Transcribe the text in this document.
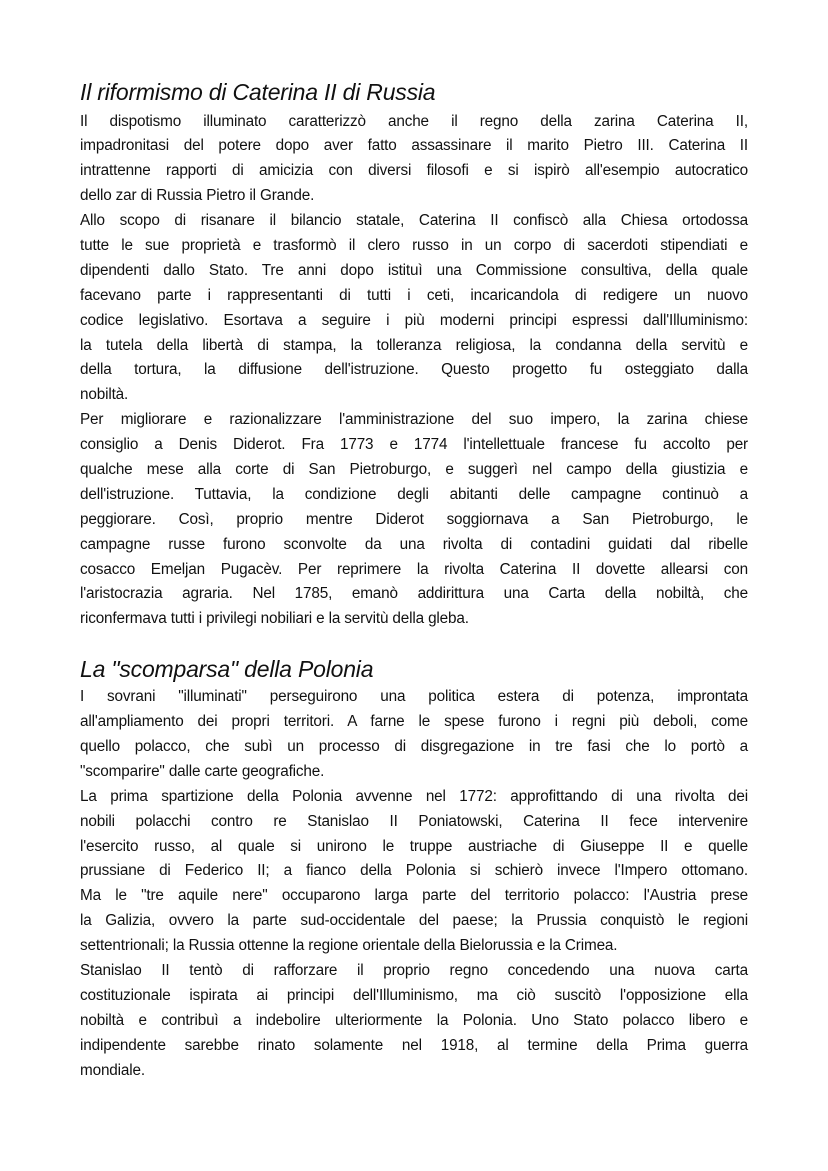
Il riformismo di Caterina II di Russia
Il dispotismo illuminato caratterizzò anche il regno della zarina Caterina II,
impadronitasi del potere dopo aver fatto assassinare il marito Pietro III. Caterina II
intrattenne rapporti di amicizia con diversi filosofi e si ispirò all'esempio autocratico
dello zar di Russia Pietro il Grande.
Allo scopo di risanare il bilancio statale, Caterina II confiscò alla Chiesa ortodossa
tutte le sue proprietà e trasformò il clero russo in un corpo di sacerdoti stipendiati e
dipendenti dallo Stato. Tre anni dopo istituì una Commissione consultiva, della quale
facevano parte i rappresentanti di tutti i ceti, incaricandola di redigere un nuovo
codice legislativo. Esortava a seguire i più moderni principi espressi dall'Illuminismo:
la tutela della libertà di stampa, la tolleranza religiosa, la condanna della servitù e
della tortura, la diffusione dell'istruzione. Questo progetto fu osteggiato dalla
nobiltà.
Per migliorare e razionalizzare l'amministrazione del suo impero, la zarina chiese
consiglio a Denis Diderot. Fra 1773 e 1774 l'intellettuale francese fu accolto per
qualche mese alla corte di San Pietroburgo, e suggerì nel campo della giustizia e
dell'istruzione. Tuttavia, la condizione degli abitanti delle campagne continuò a
peggiorare. Così, proprio mentre Diderot soggiornava a San Pietroburgo, le
campagne russe furono sconvolte da una rivolta di contadini guidati dal ribelle
cosacco Emeljan Pugacèv. Per reprimere la rivolta Caterina II dovette allearsi con
l'aristocrazia agraria. Nel 1785, emanò addirittura una Carta della nobiltà, che
riconfermava tutti i privilegi nobiliari e la servitù della gleba.
La "scomparsa" della Polonia
I sovrani "illuminati" perseguirono una politica estera di potenza, improntata
all'ampliamento dei propri territori. A farne le spese furono i regni più deboli, come
quello polacco, che subì un processo di disgregazione in tre fasi che lo portò a
"scomparire" dalle carte geografiche.
La prima spartizione della Polonia avvenne nel 1772: approfittando di una rivolta dei
nobili polacchi contro re Stanislao II Poniatowski, Caterina II fece intervenire
l'esercito russo, al quale si unirono le truppe austriache di Giuseppe II e quelle
prussiane di Federico II; a fianco della Polonia si schierò invece l'Impero ottomano.
Ma le "tre aquile nere" occuparono larga parte del territorio polacco: l'Austria prese
la Galizia, ovvero la parte sud-occidentale del paese; la Prussia conquistò le regioni
settentrionali; la Russia ottenne la regione orientale della Bielorussia e la Crimea.
Stanislao II tentò di rafforzare il proprio regno concedendo una nuova carta
costituzionale ispirata ai principi dell'Illuminismo, ma ciò suscitò l'opposizione ella
nobiltà e contribuì a indebolire ulteriormente la Polonia. Uno Stato polacco libero e
indipendente sarebbe rinato solamente nel 1918, al termine della Prima guerra
mondiale.
